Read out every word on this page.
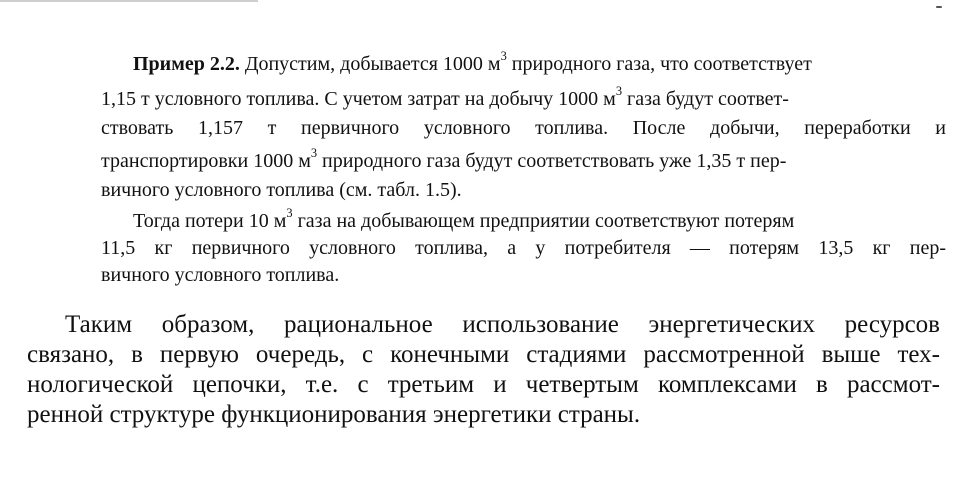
Пример 2.2. Допустим, добывается 1000 $м^3$ природного газа, что соответствует
1,15 т условного топлива. С учетом затрат на добычу 1000 $м^3$ газа будут соответ-
ствовать 1,157 т первичного условного топлива. После добычи, переработки и
транспортировки 1000 $м^3$ природного газа будут соответствовать уже 1,35 т пер-
вичного условного топлива (см. табл. 1.5).
Тогда потери 10 $м^3$ газа на добывающем предприятии соответствуют потерям
11,5 кг первичного условного топлива, а у потребителя — потерям 13,5 кг пер-
вичного условного топлива.
Таким образом, рациональное использование энергетических ресурсов
связано, в первую очередь, с конечными стадиями рассмотренной выше тех-
нологической цепочки, т.е. с третьим и четвертым комплексами в рассмот-
ренной структуре функционирования энергетики страны.
